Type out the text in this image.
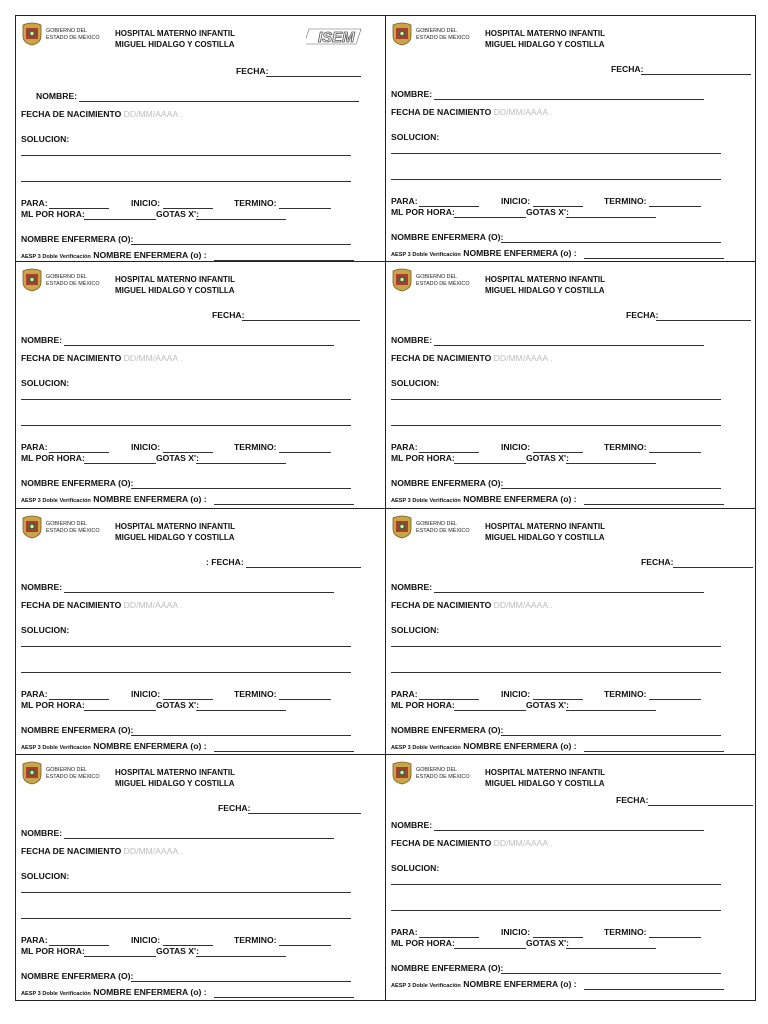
GOBIERNO DEL
ESTADO DE MÉXICO HOSPITAL MATERNO INFANTIL
MIGUEL HIDALGO Y COSTILLA	ISEM
FECHA:
NOMBRE:
FECHA DE NACIMIENTO DD/MM/AAAA .
SOLUCION:
PARA:	INICIO:	TERMINO:
ML POR HORA:	GOTAS X':
NOMBRE ENFERMERA (O):
AESP 3 Doble Verificación NOMBRE ENFERMERA (o) :
GOBIERNO DEL
ESTADO DE MÉXICO HOSPITAL MATERNO INFANTIL
MIGUEL HIDALGO Y COSTILLA
FECHA:
NOMBRE:
FECHA DE NACIMIENTO DD/MM/AAAA .
SOLUCION:
PARA:	INICIO:	TERMINO:
ML POR HORA:	GOTAS X':
NOMBRE ENFERMERA (O):
AESP 3 Doble Verificación NOMBRE ENFERMERA (o) :
GOBIERNO DEL
ESTADO DE MÉXICO HOSPITAL MATERNO INFANTIL
MIGUEL HIDALGO Y COSTILLA
FECHA:
NOMBRE:
FECHA DE NACIMIENTO DD/MM/AAAA .
SOLUCION:
PARA:	INICIO:	TERMINO:
ML POR HORA:	GOTAS X':
NOMBRE ENFERMERA (O):
AESP 3 Doble Verificación NOMBRE ENFERMERA (o) :
GOBIERNO DEL
ESTADO DE MÉXICO HOSPITAL MATERNO INFANTIL
MIGUEL HIDALGO Y COSTILLA
FECHA:
NOMBRE:
FECHA DE NACIMIENTO DD/MM/AAAA .
SOLUCION:
PARA:	INICIO:	TERMINO:
ML POR HORA:	GOTAS X':
NOMBRE ENFERMERA (O):
AESP 3 Doble Verificación NOMBRE ENFERMERA (o) :
GOBIERNO DEL
ESTADO DE MÉXICO HOSPITAL MATERNO INFANTIL
MIGUEL HIDALGO Y COSTILLA
: FECHA:
NOMBRE:
FECHA DE NACIMIENTO DD/MM/AAAA .
SOLUCION:
PARA:	INICIO:	TERMINO:
ML POR HORA:	GOTAS X':
NOMBRE ENFERMERA (O):
AESP 3 Doble Verificación NOMBRE ENFERMERA (o) :
GOBIERNO DEL
ESTADO DE MÉXICO HOSPITAL MATERNO INFANTIL
MIGUEL HIDALGO Y COSTILLA
FECHA:
NOMBRE:
FECHA DE NACIMIENTO DD/MM/AAAA .
SOLUCION:
PARA:	INICIO:	TERMINO:
ML POR HORA:	GOTAS X':
NOMBRE ENFERMERA (O):
AESP 3 Doble Verificación NOMBRE ENFERMERA (o) :
GOBIERNO DEL
ESTADO DE MÉXICO HOSPITAL MATERNO INFANTIL
MIGUEL HIDALGO Y COSTILLA
FECHA:
NOMBRE:
FECHA DE NACIMIENTO DD/MM/AAAA .
SOLUCION:
PARA:	INICIO:	TERMINO:
ML POR HORA:	GOTAS X':
NOMBRE ENFERMERA (O):
AESP 3 Doble Verificación NOMBRE ENFERMERA (o) :
GOBIERNO DEL
ESTADO DE MÉXICO HOSPITAL MATERNO INFANTIL
MIGUEL HIDALGO Y COSTILLA
FECHA:
NOMBRE:
FECHA DE NACIMIENTO DD/MM/AAAA .
SOLUCION:
PARA:	INICIO:	TERMINO:
ML POR HORA:	GOTAS X':
NOMBRE ENFERMERA (O):
AESP 3 Doble Verificación NOMBRE ENFERMERA (o) :
